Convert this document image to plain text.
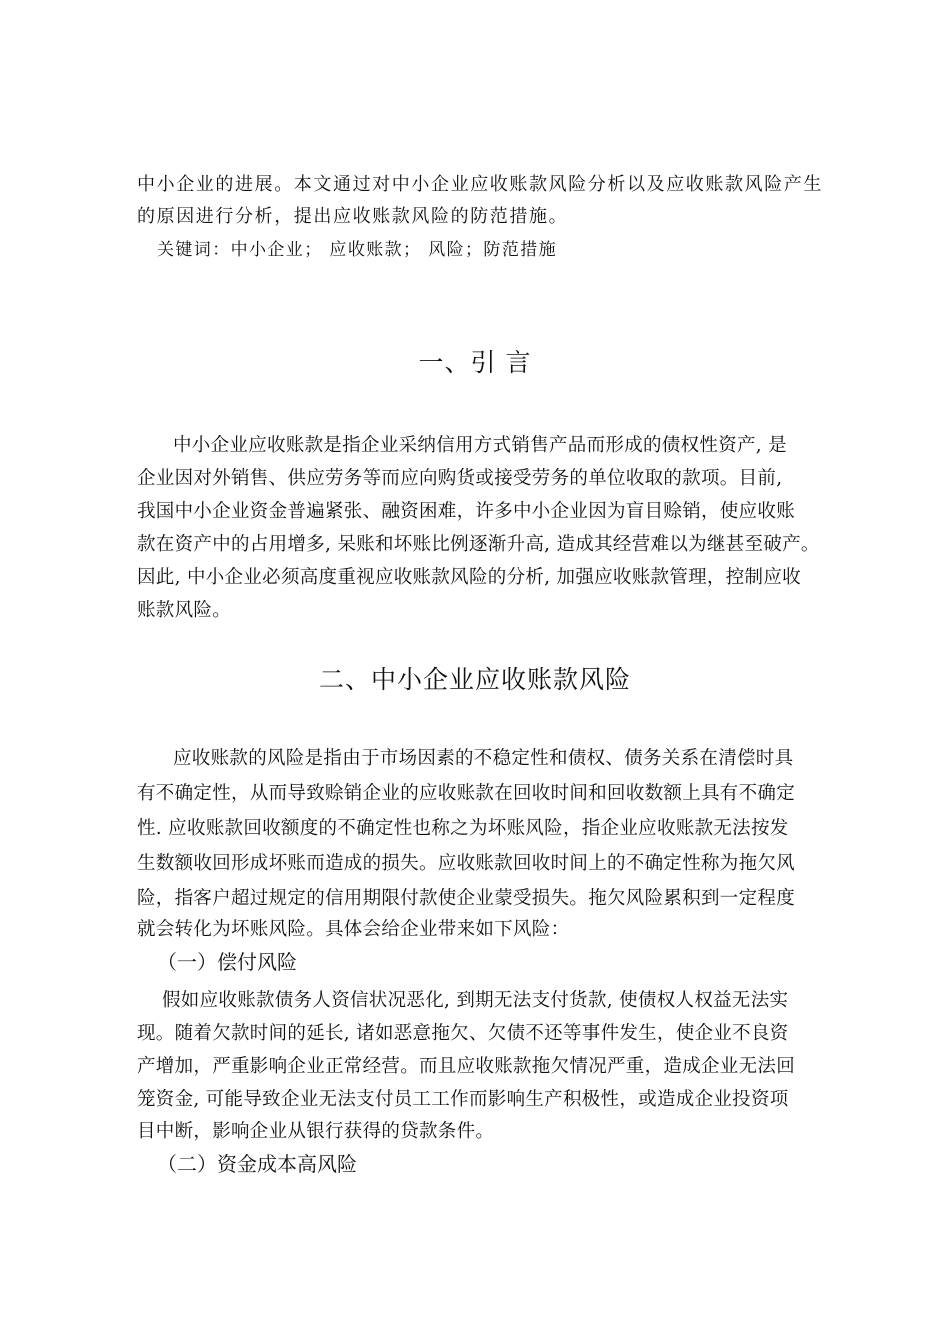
中小企业的进展。本文通过对中小企业应收账款风险分析以及应收账款风险产生
的原因进行分析，提出应收账款风险的防范措施。
关键词：中小企业； 应收账款； 风险；防范措施
一、引 言
中小企业应收账款是指企业采纳信用方式销售产品而形成的债权性资产, 是
企业因对外销售、供应劳务等而应向购货或接受劳务的单位收取的款项。目前,
我国中小企业资金普遍紧张、融资困难，许多中小企业因为盲目赊销，使应收账
款在资产中的占用增多, 呆账和坏账比例逐渐升高, 造成其经营难以为继甚至破产。
因此, 中小企业必须高度重视应收账款风险的分析, 加强应收账款管理，控制应收
账款风险。
二、中小企业应收账款风险
应收账款的风险是指由于市场因素的不稳定性和债权、债务关系在清偿时具
有不确定性，从而导致赊销企业的应收账款在回收时间和回收数额上具有不确定
性. 应收账款回收额度的不确定性也称之为坏账风险，指企业应收账款无法按发
生数额收回形成坏账而造成的损失。应收账款回收时间上的不确定性称为拖欠风
险，指客户超过规定的信用期限付款使企业蒙受损失。拖欠风险累积到一定程度
就会转化为坏账风险。具体会给企业带来如下风险：
（一）偿付风险
假如应收账款债务人资信状况恶化, 到期无法支付货款, 使债权人权益无法实
现。随着欠款时间的延长, 诸如恶意拖欠、欠债不还等事件发生，使企业不良资
产增加，严重影响企业正常经营。而且应收账款拖欠情况严重，造成企业无法回
笼资金, 可能导致企业无法支付员工工作而影响生产积极性，或造成企业投资项
目中断，影响企业从银行获得的贷款条件。
（二）资金成本高风险
